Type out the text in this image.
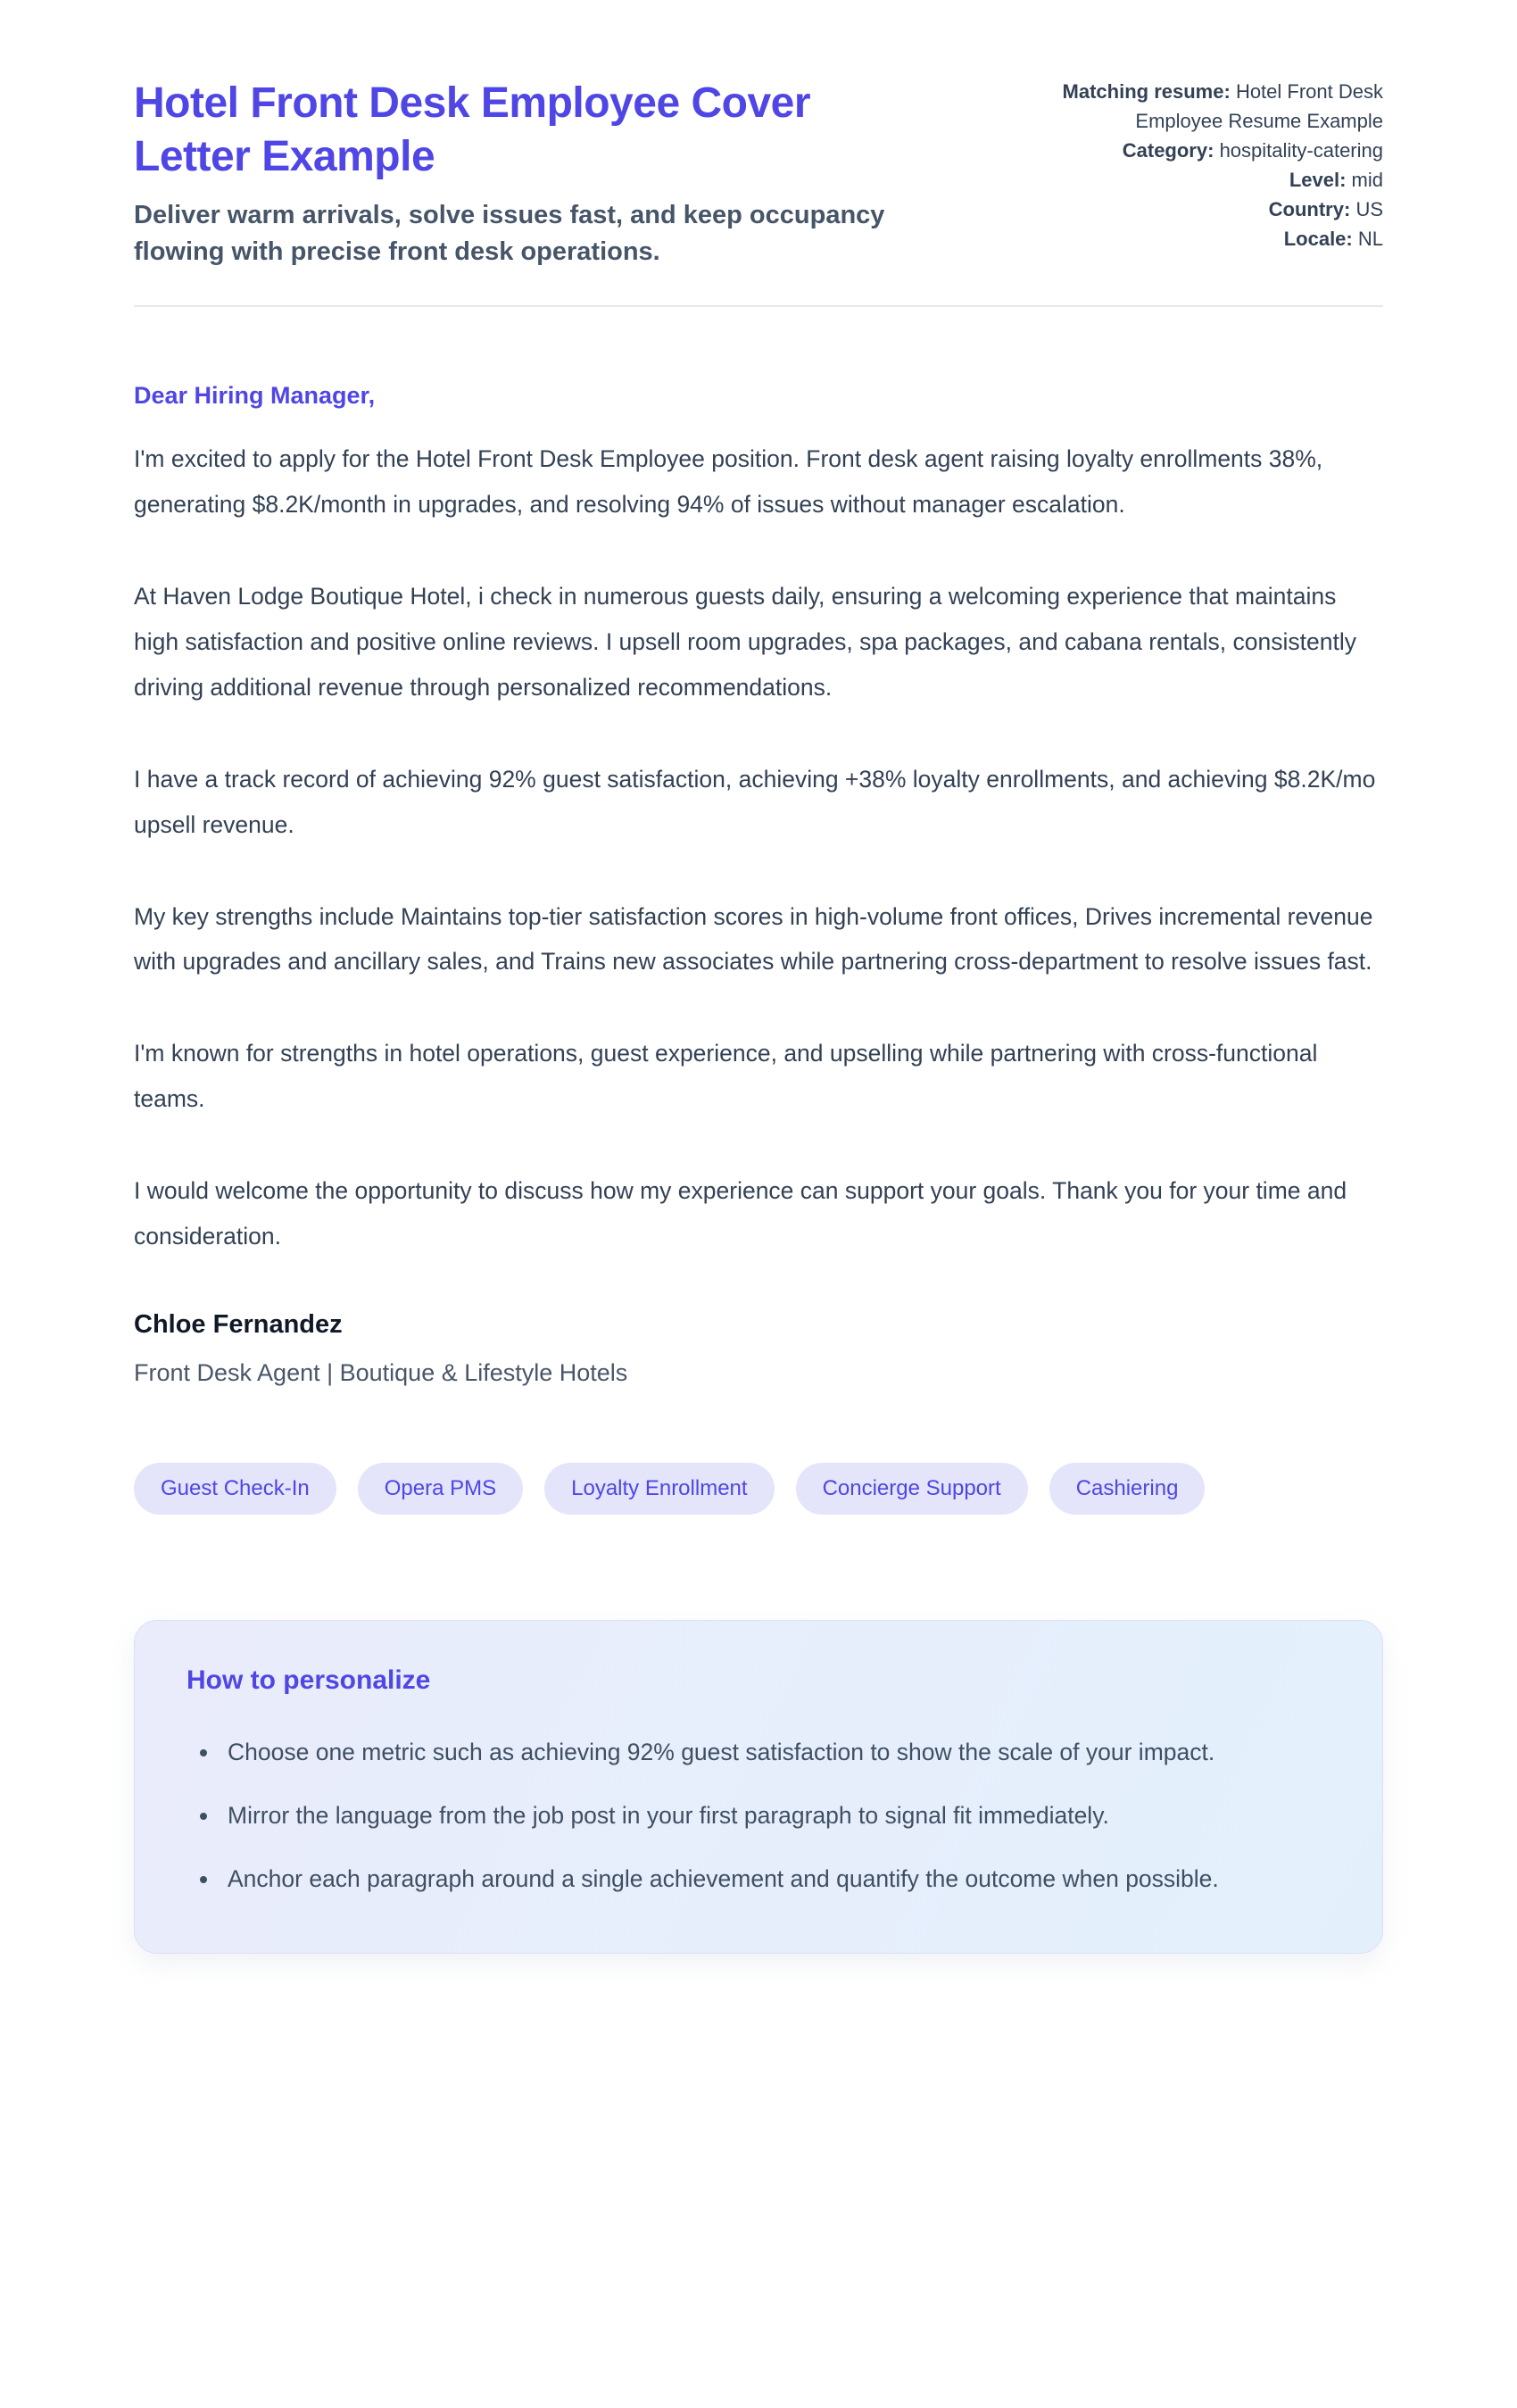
Hotel Front Desk Employee Cover Letter Example

Deliver warm arrivals, solve issues fast, and keep occupancy flowing with precise front desk operations.

Matching resume: Hotel Front Desk Employee Resume Example

Category: hospitality-catering

Level: mid

Country: US

Locale: NL

Dear Hiring Manager,

I'm excited to apply for the Hotel Front Desk Employee position. Front desk agent raising loyalty enrollments 38%, generating $8.2K/month in upgrades, and resolving 94% of issues without manager escalation.

At Haven Lodge Boutique Hotel, i check in numerous guests daily, ensuring a welcoming experience that maintains high satisfaction and positive online reviews. I upsell room upgrades, spa packages, and cabana rentals, consistently driving additional revenue through personalized recommendations.

I have a track record of achieving 92% guest satisfaction, achieving +38% loyalty enrollments, and achieving $8.2K/mo upsell revenue.

My key strengths include Maintains top-tier satisfaction scores in high-volume front offices, Drives incremental revenue with upgrades and ancillary sales, and Trains new associates while partnering cross-department to resolve issues fast.

I'm known for strengths in hotel operations, guest experience, and upselling while partnering with cross-functional teams.

I would welcome the opportunity to discuss how my experience can support your goals. Thank you for your time and consideration.

Chloe Fernandez

Front Desk Agent | Boutique & Lifestyle Hotels

Guest Check-In	Opera PMS	Loyalty Enrollment	Concierge Support	Cashiering
How to personalize
• Choose one metric such as achieving 92% guest satisfaction to show the scale of your impact.
• Mirror the language from the job post in your first paragraph to signal fit immediately.
• Anchor each paragraph around a single achievement and quantify the outcome when possible.
